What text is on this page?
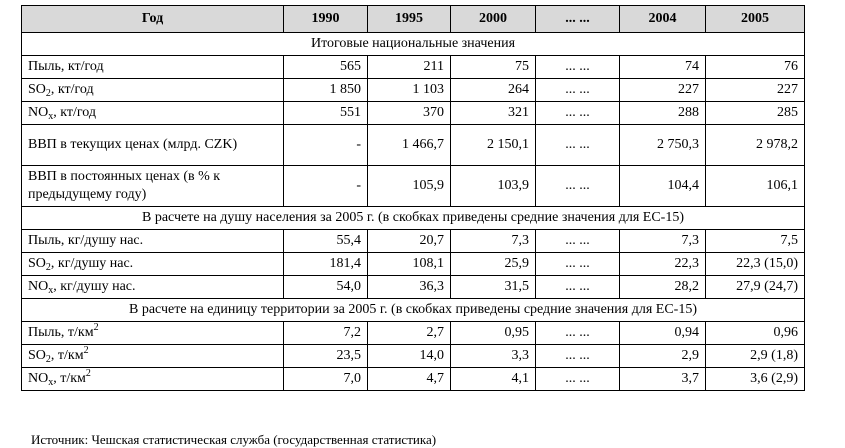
Год	1990	1995	2000	... ...	2004	2005
Итоговые национальные значения						
Пыль, кт/год	565	211	75	... ...	74	76
$SO_2$, кт/год	1 850	1 103	264	... ...	227	227
$NO_x$, кт/год	551	370	321	... ...	288	285
ВВП в текущих ценах (млрд. CZK)	-	1 466,7	2 150,1	... ...	2 750,3	2 978,2
ВВП в постоянных ценах (в % к предыдущему году)	-	105,9	103,9	... ...	104,4	106,1
В расчете на душу населения за 2005 г. (в скобках приведены средние значения для ЕС-15)						
Пыль, кг/душу нас.	55,4	20,7	7,3	... ...	7,3	7,5
$SO_2$, кг/душу нас.	181,4	108,1	25,9	... ...	22,3	22,3 (15,0)
$NO_x$, кг/душу нас.	54,0	36,3	31,5	... ...	28,2	27,9 (24,7)
В расчете на единицу территории за 2005 г. (в скобках приведены средние значения для ЕС-15)						
Пыль, $т/км^2$	7,2	2,7	0,95	... ...	0,94	0,96
$SO_2$, $т/км^2$	23,5	14,0	3,3	... ...	2,9	2,9 (1,8)
$NO_x$, $т/км^2$	7,0	4,7	4,1	... ...	3,7	3,6 (2,9)
Источник: Чешская статистическая служба (государственная статистика)
